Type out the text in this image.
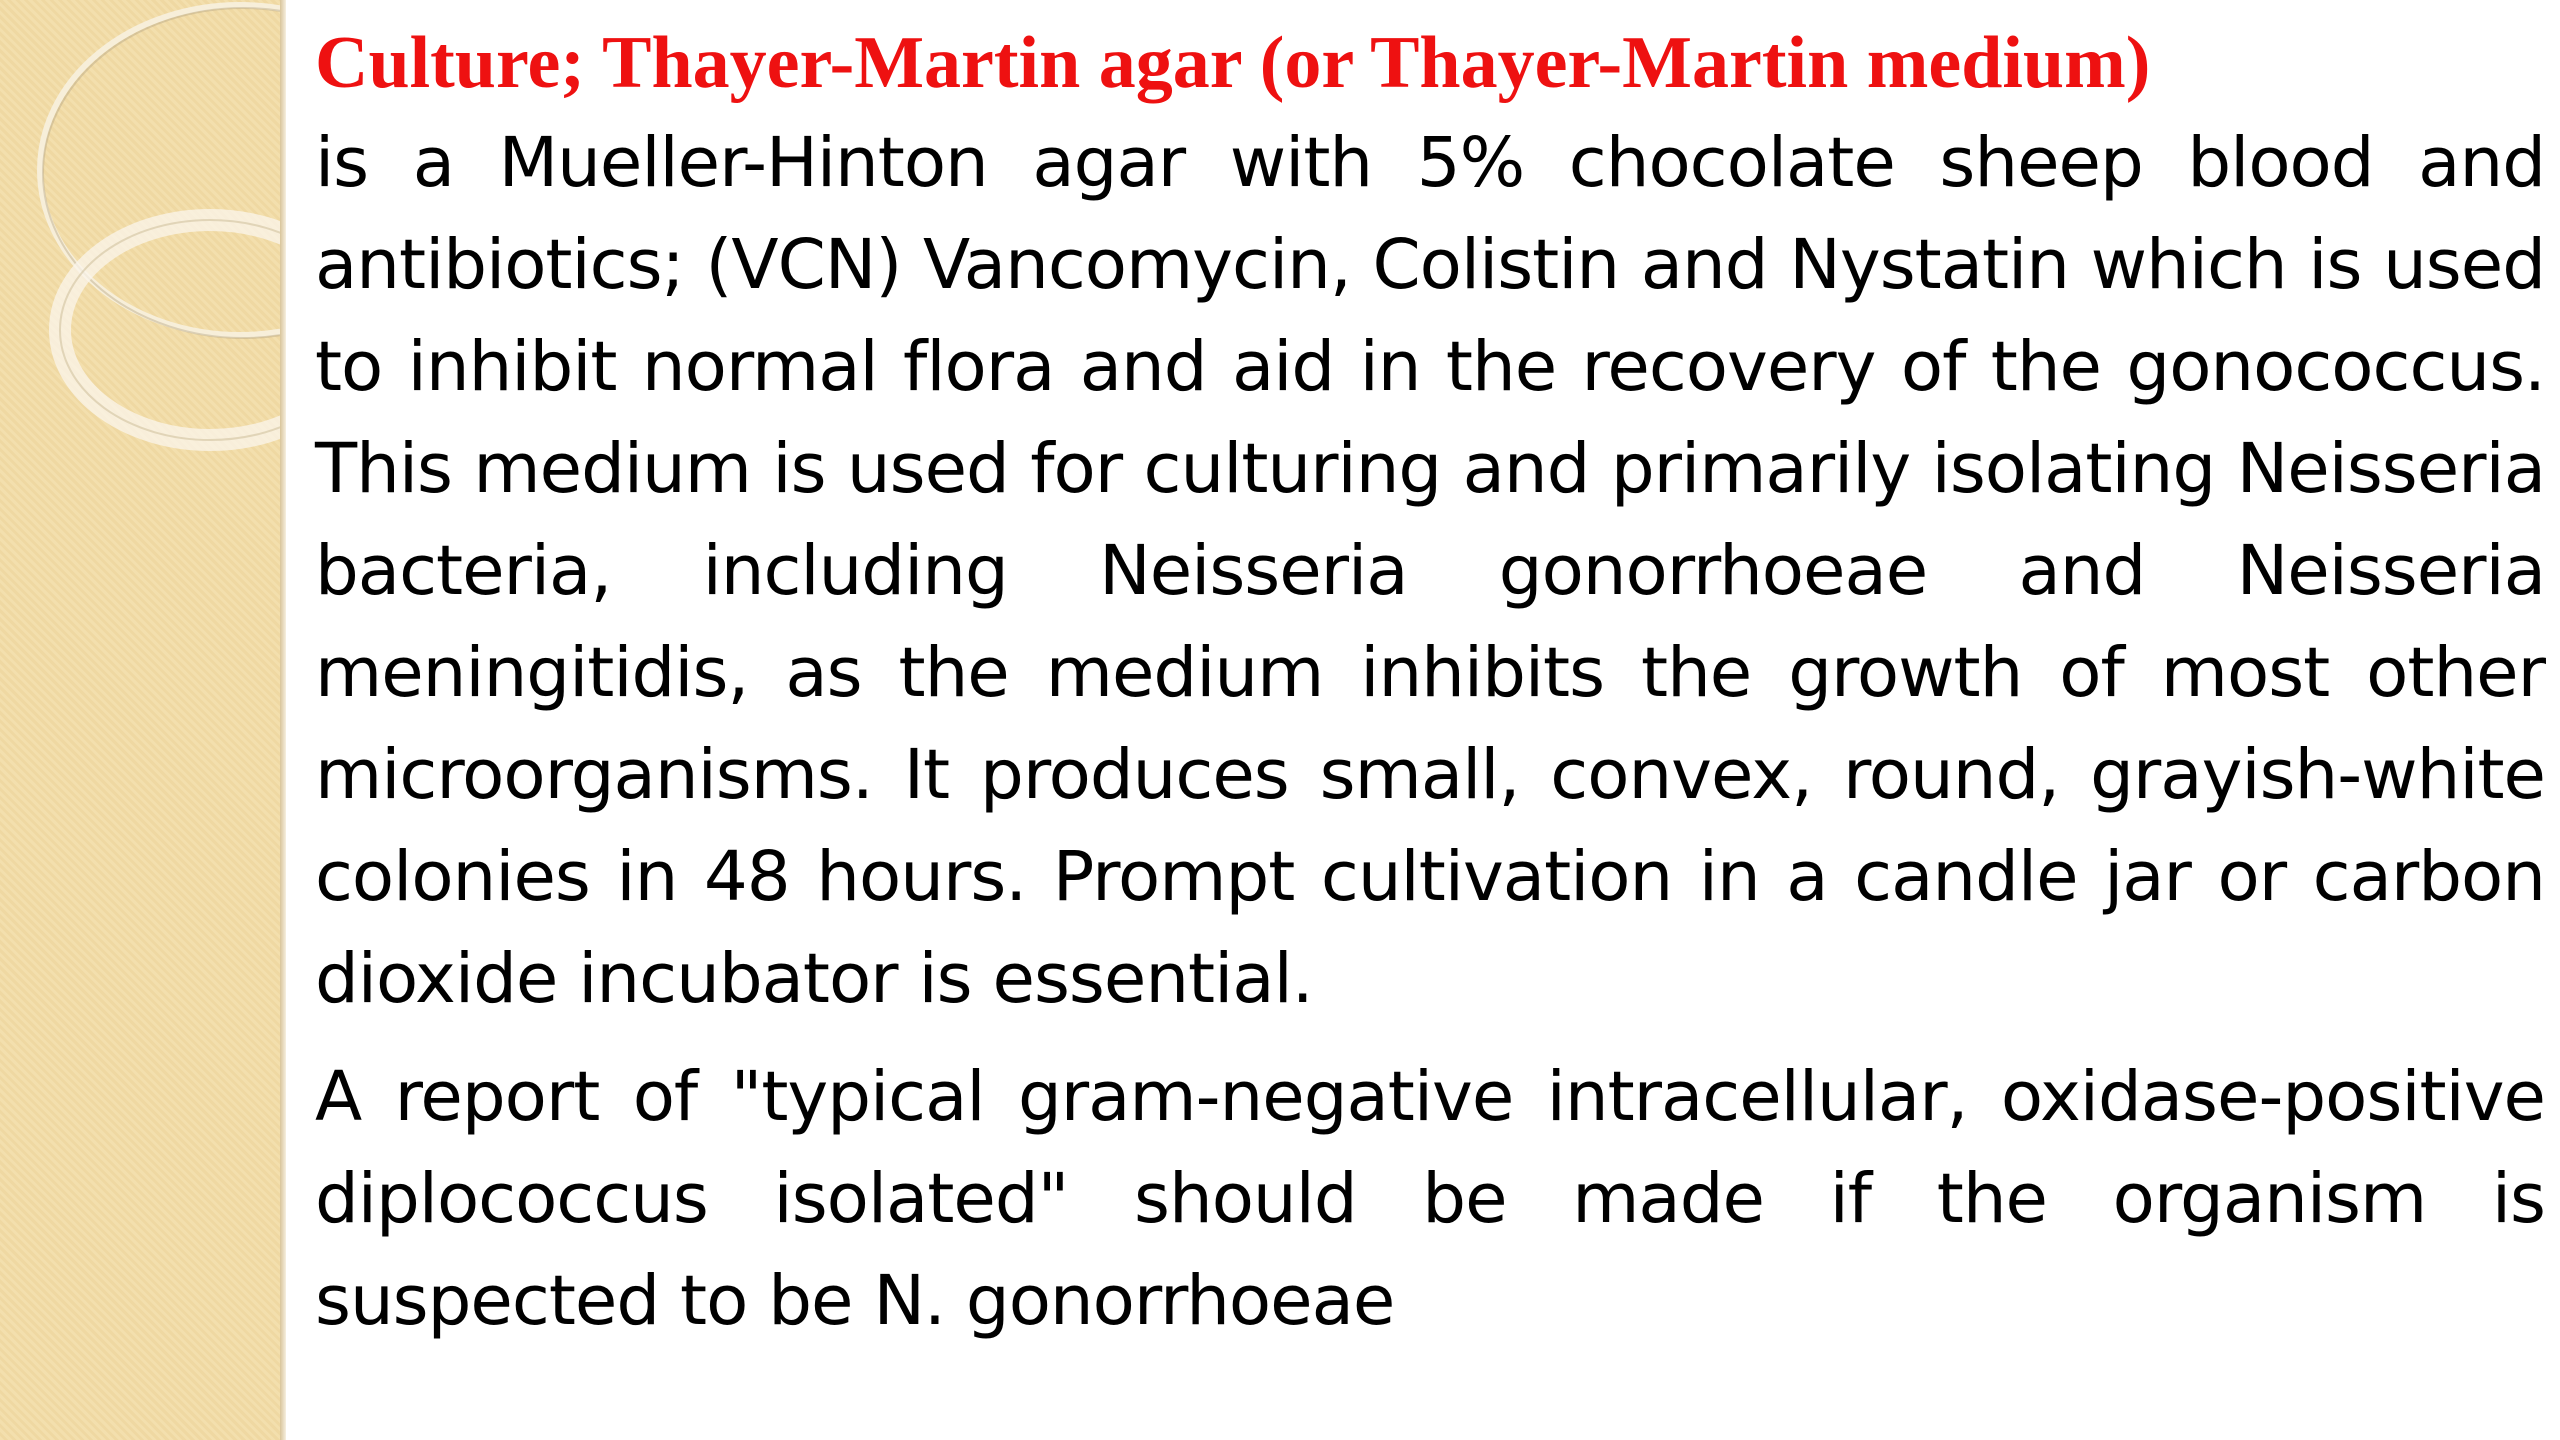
Culture; Thayer-Martin agar (or Thayer-Martin medium)

is a Mueller-Hinton agar with 5% chocolate sheep blood and antibiotics; (VCN) Vancomycin, Colistin and Nystatin which is used to inhibit normal flora and aid in the recovery of the gonococcus. This medium is used for culturing and primarily isolating Neisseria bacteria, including Neisseria gonorrhoeae and Neisseria meningitidis, as the medium inhibits the growth of most other microorganisms. It produces small, convex, round, grayish-white colonies in 48 hours. Prompt cultivation in a candle jar or carbon dioxide incubator is essential.

A report of "typical gram-negative intracellular, oxidase-positive diplococcus isolated" should be made if the organism is suspected to be N. gonorrhoeae
